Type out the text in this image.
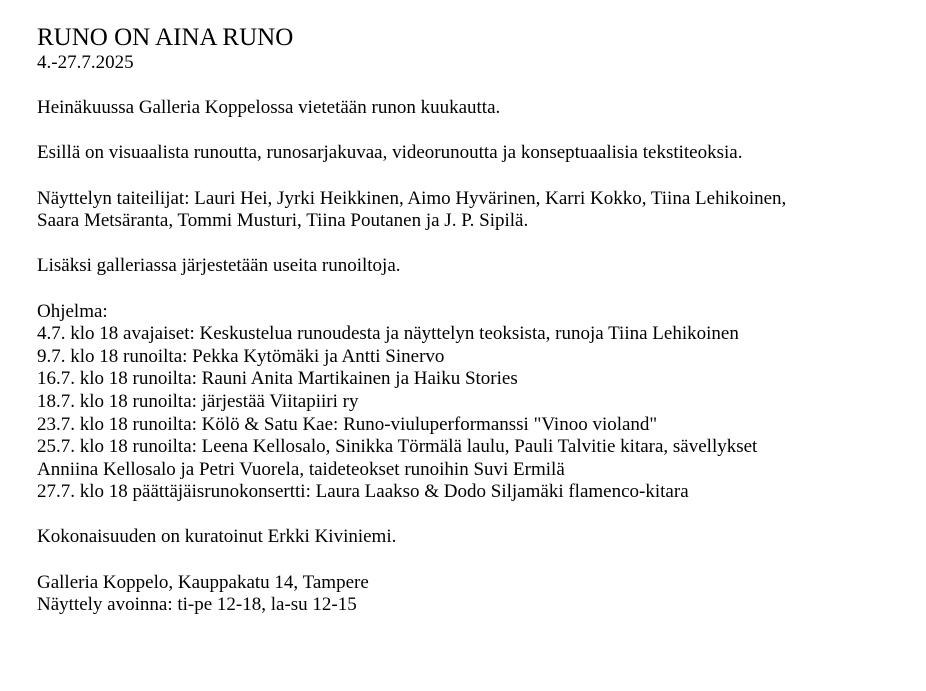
RUNO ON AINA RUNO

4.-27.7.2025

Heinäkuussa Galleria Koppelossa vietetään runon kuukautta.

Esillä on visuaalista runoutta, runosarjakuvaa, videorunoutta ja konseptuaalisia tekstiteoksia.

Näyttelyn taiteilijat: Lauri Hei, Jyrki Heikkinen, Aimo Hyvärinen, Karri Kokko, Tiina Lehikoinen, Saara Metsäranta, Tommi Musturi, Tiina Poutanen ja J. P. Sipilä.

Lisäksi galleriassa järjestetään useita runoiltoja.

Ohjelma:

4.7. klo 18 avajaiset: Keskustelua runoudesta ja näyttelyn teoksista, runoja Tiina Lehikoinen
9.7. klo 18 runoilta: Pekka Kytömäki ja Antti Sinervo
16.7. klo 18 runoilta: Rauni Anita Martikainen ja Haiku Stories
18.7. klo 18 runoilta: järjestää Viitapiiri ry
23.7. klo 18 runoilta: Kölö & Satu Kae: Runo-viuluperformanssi "Vinoo violand"
25.7. klo 18 runoilta: Leena Kellosalo, Sinikka Törmälä laulu, Pauli Talvitie kitara, sävellykset Anniina Kellosalo ja Petri Vuorela, taideteokset runoihin Suvi Ermilä
27.7. klo 18 päättäjäisrunokonsertti: Laura Laakso & Dodo Siljamäki flamenco-kitara

Kokonaisuuden on kuratoinut Erkki Kiviniemi.

Galleria Koppelo, Kauppakatu 14, Tampere

Näyttely avoinna: ti-pe 12-18, la-su 12-15
